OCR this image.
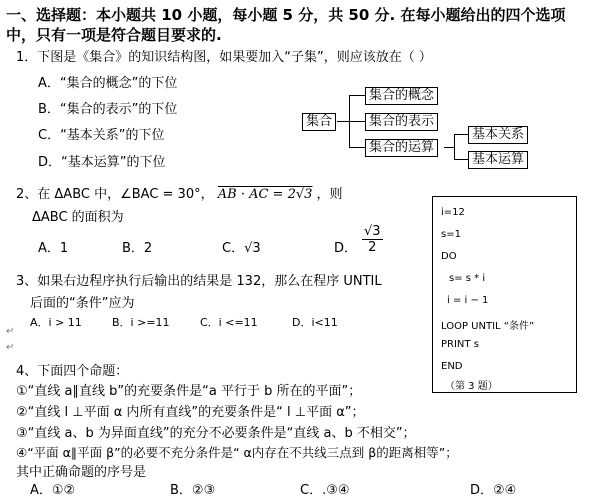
一、选择题：本小题共 10 小题，每小题 5 分，共 50 分. 在每小题给出的四个选项
中，只有一项是符合题目要求的.
1．下图是《集合》的知识结构图，如果要加入“子集”，则应该放在（ ）
A．“集合的概念”的下位
B．“集合的表示”的下位
C．“基本关系”的下位
D．“基本运算”的下位
集合
集合的概念
集合的表示
集合的运算
基本关系
基本运算
2、在 ΔABC 中，∠BAC = 30°， AB · AC = 2√3 ，则
ΔABC 的面积为
A．1	B．2	C．√3	D． $\frac{√3}{2}$
3、如果右边程序执行后输出的结果是 132，那么在程序 UNTIL
后面的“条件”应为
A．i > 11	B．i >=11	C．i <=11	D．i<11
i=12
s=1
DO
s= s * i
i = i − 1
LOOP UNTIL “条件”
PRINT s
END
（第 3 题）
4、下面四个命题：
①“直线 a∥直线 b”的充要条件是“a 平行于 b 所在的平面”；
②“直线 l ⊥平面 α 内所有直线”的充要条件是“ l ⊥平面 α”；
③“直线 a、b 为异面直线”的充分不必要条件是“直线 a、b 不相交”；
④“平面 α∥平面 β”的必要不充分条件是“ α内存在不共线三点到 β的距离相等”；
其中正确命题的序号是
A．①②	B．②③	C．.③④	D．②④
↵
↵
